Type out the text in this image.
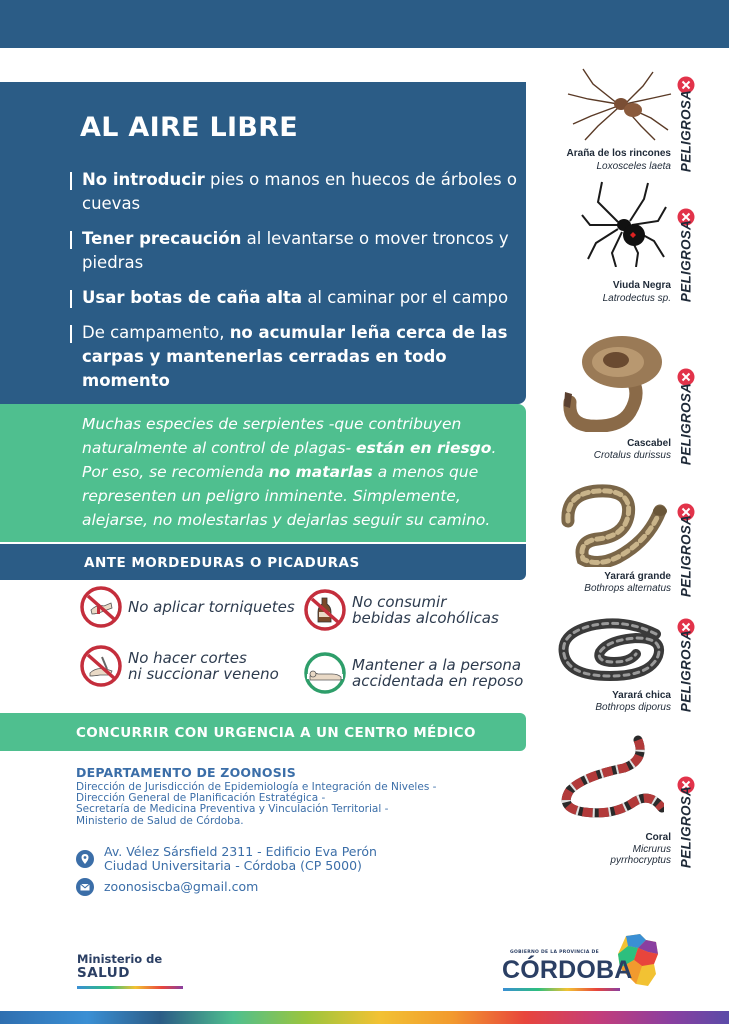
AL AIRE LIBRE
No introducir pies o manos en huecos de árboles o cuevas
Tener precaución al levantarse o mover troncos y piedras
Usar botas de caña alta al caminar por el campo
De campamento, no acumular leña cerca de las carpas y mantenerlas cerradas en todo momento
Muchas especies de serpientes -que contribuyen naturalmente al control de plagas- están en riesgo. Por eso, se recomienda no matarlas a menos que representen un peligro inminente. Simplemente, alejarse, no molestarlas y dejarlas seguir su camino.
ANTE MORDEDURAS O PICADURAS
No aplicar torniquetes	No consumir
bebidas alcohólicas
No hacer cortes
ni succionar veneno	Mantener a la persona
accidentada en reposo
CONCURRIR CON URGENCIA A UN CENTRO MÉDICO
DEPARTAMENTO DE ZOONOSIS
Dirección de Jurisdicción de Epidemiología e Integración de Niveles -
Dirección General de Planificación Estratégica -
Secretaría de Medicina Preventiva y Vinculación Territorial -
Ministerio de Salud de Córdoba.
Av. Vélez Sársfield 2311 - Edificio Eva Perón
Ciudad Universitaria - Córdoba (CP 5000)
zoonosiscba@gmail.com
Ministerio de
SALUD
GOBIERNO DE LA PROVINCIA DE
CÓRDOBA
Araña de los rincones
Loxosceles laeta PELIGROSA
Viuda Negra
Latrodectus sp. PELIGROSA
Cascabel
Crotalus durissus PELIGROSA
Yarará grande
Bothrops alternatus PELIGROSA
Yarará chica
Bothrops diporus PELIGROSA
Coral
Micrurus
pyrrhocryptus PELIGROSA
